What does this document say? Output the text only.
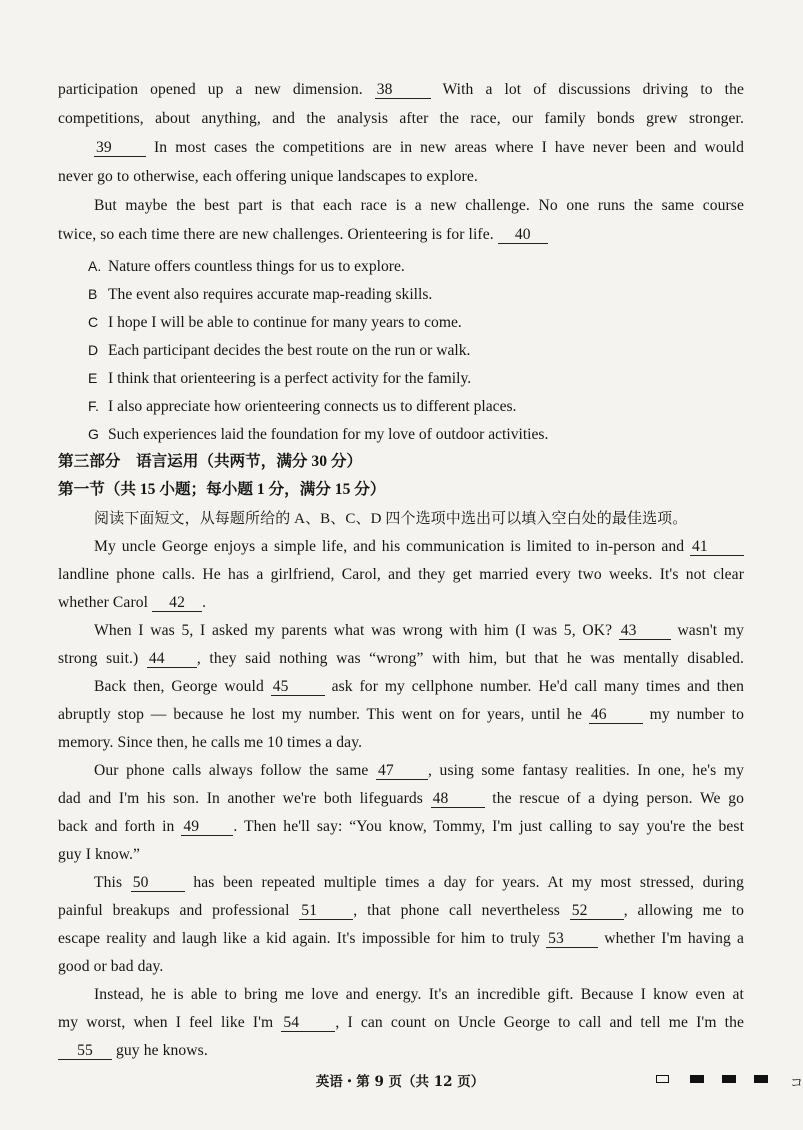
participation opened up a new dimension. 38	With a lot of discussions driving to the
competitions, about anything, and the analysis after the race, our family bonds grew stronger.
39	In most cases the competitions are in new areas where I have never been and would
never go to otherwise, each offering unique landscapes to explore.
But maybe the best part is that each race is a new challenge. No one runs the same course
twice, so each time there are new challenges. Orienteering is for life. 40
A. Nature offers countless things for us to explore.
B The event also requires accurate map-reading skills.
C I hope I will be able to continue for many years to come.
D Each participant decides the best route on the run or walk.
E I think that orienteering is a perfect activity for the family.
F. I also appreciate how orienteering connects us to different places.
G Such experiences laid the foundation for my love of outdoor activities.
第三部分　语言运用（共两节，满分 30 分）
第一节（共 15 小题；每小题 1 分，满分 15 分）
阅读下面短文，从每题所给的 A、B、C、D 四个选项中选出可以填入空白处的最佳选项。
My uncle George enjoys a simple life, and his communication is limited to in-person and 41
landline phone calls. He has a girlfriend, Carol, and they get married every two weeks. It's not clear
whether Carol 42 .
When I was 5, I asked my parents what was wrong with him (I was 5, OK? 43	wasn't my
strong suit.) 44 , they said nothing was “wrong” with him, but that he was mentally disabled.
Back then, George would 45	ask for my cellphone number. He'd call many times and then
abruptly stop — because he lost my number. This went on for years, until he 46	my number to
memory. Since then, he calls me 10 times a day.
Our phone calls always follow the same 47 , using some fantasy realities. In one, he's my
dad and I'm his son. In another we're both lifeguards 48	the rescue of a dying person. We go
back and forth in 49 . Then he'll say: “You know, Tommy, I'm just calling to say you're the best
guy I know.”
This 50	has been repeated multiple times a day for years. At my most stressed, during
painful breakups and professional 51 , that phone call nevertheless 52 , allowing me to
escape reality and laugh like a kid again. It's impossible for him to truly 53	whether I'm having a
good or bad day.
Instead, he is able to bring me love and energy. It's an incredible gift. Because I know even at
my worst, when I feel like I'm 54 , I can count on Uncle George to call and tell me I'm the
55 guy he knows.
英语・第 9 页（共 12 页）	コ
